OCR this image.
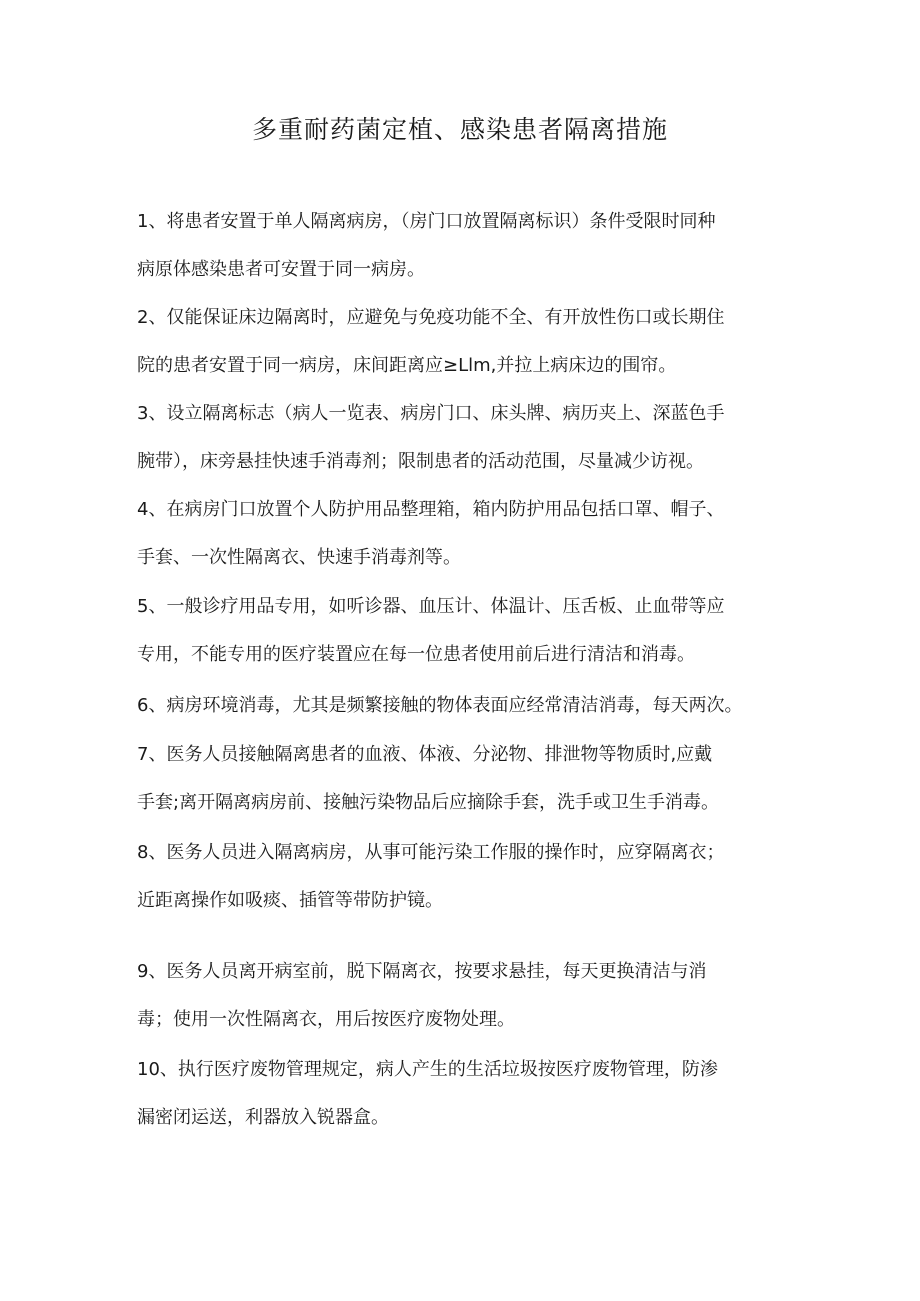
多重耐药菌定植、感染患者隔离措施
1、将患者安置于单人隔离病房，（房门口放置隔离标识）条件受限时同种
病原体感染患者可安置于同一病房。
2、仅能保证床边隔离时，应避免与免疫功能不全、有开放性伤口或长期住
院的患者安置于同一病房，床间距离应≥Llm,并拉上病床边的围帘。
3、设立隔离标志（病人一览表、病房门口、床头牌、病历夹上、深蓝色手
腕带），床旁悬挂快速手消毒剂；限制患者的活动范围，尽量减少访视。
4、在病房门口放置个人防护用品整理箱，箱内防护用品包括口罩、帽子、
手套、一次性隔离衣、快速手消毒剂等。
5、一般诊疗用品专用，如听诊器、血压计、体温计、压舌板、止血带等应
专用，不能专用的医疗装置应在每一位患者使用前后进行清洁和消毒。
6、病房环境消毒，尤其是频繁接触的物体表面应经常清洁消毒，每天两次。
7、医务人员接触隔离患者的血液、体液、分泌物、排泄物等物质时,应戴
手套;离开隔离病房前、接触污染物品后应摘除手套，洗手或卫生手消毒。
8、医务人员进入隔离病房，从事可能污染工作服的操作时，应穿隔离衣；
近距离操作如吸痰、插管等带防护镜。
9、医务人员离开病室前，脱下隔离衣，按要求悬挂，每天更换清洁与消
毒；使用一次性隔离衣，用后按医疗废物处理。
10、执行医疗废物管理规定，病人产生的生活垃圾按医疗废物管理，防渗
漏密闭运送，利器放入锐器盒。
